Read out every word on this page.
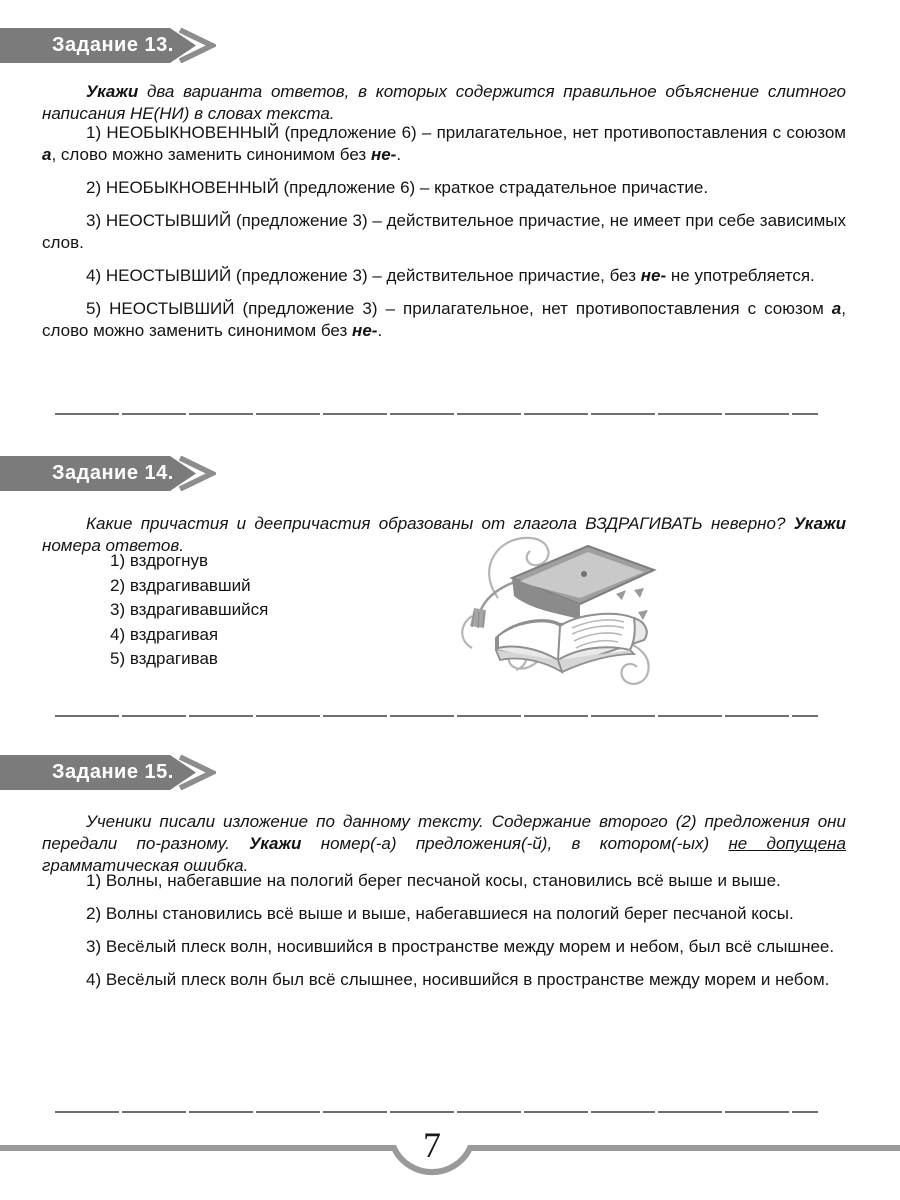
Задание 13.

Укажи два варианта ответов, в которых содержится правильное объяснение слитного написания НЕ(НИ) в словах текста.

1) НЕОБЫКНОВЕННЫЙ (предложение 6) – прилагательное, нет противопоставления с союзом а, слово можно заменить синонимом без не-.

2) НЕОБЫКНОВЕННЫЙ (предложение 6) – краткое страдательное причастие.

3) НЕОСТЫВШИЙ (предложение 3) – действительное причастие, не имеет при себе зависимых слов.

4) НЕОСТЫВШИЙ (предложение 3) – действительное причастие, без не- не употребляется.

5) НЕОСТЫВШИЙ (предложение 3) – прилагательное, нет противопоставления с союзом а, слово можно заменить синонимом без не-.

Задание 14.

Какие причастия и деепричастия образованы от глагола ВЗДРАГИВАТЬ неверно? Укажи номера ответов.

1) вздрогнув
2) вздрагивавший
3) вздрагивавшийся
4) вздрагивая
5) вздрагивав
Задание 15.

Ученики писали изложение по данному тексту. Содержание второго (2) предложения они передали по-разному. Укажи номер(-а) предложения(-й), в котором(-ых) не допущена грамматическая ошибка.

1) Волны, набегавшие на пологий берег песчаной косы, становились всё выше и выше.

2) Волны становились всё выше и выше, набегавшиеся на пологий берег песчаной косы.

3) Весёлый плеск волн, носившийся в пространстве между морем и небом, был всё слышнее.

4) Весёлый плеск волн был всё слышнее, носившийся в пространстве между морем и небом.

7
